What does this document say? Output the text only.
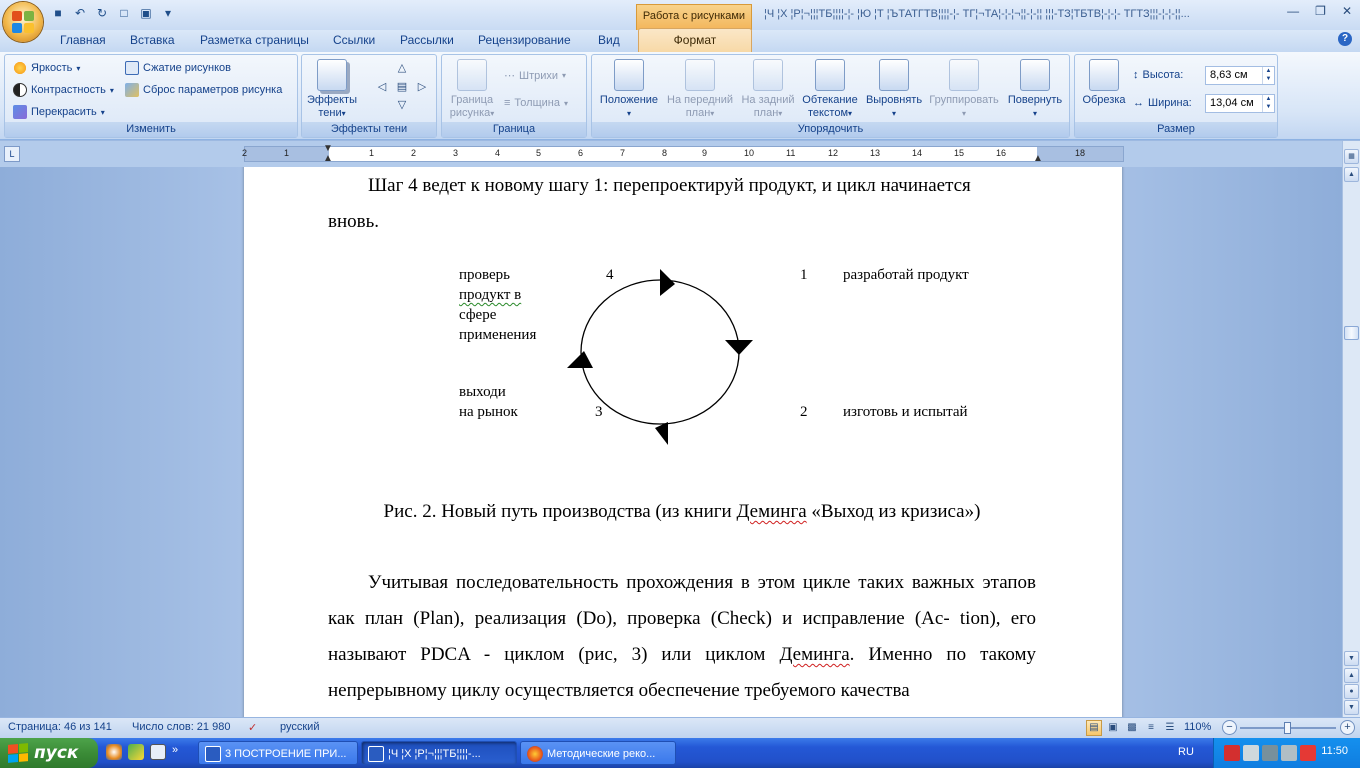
■	↶ ↻	□	▣	▾	Работа с рисунками	¦Ч ¦Х ¦Р¦¬¦¦¦ТБ¦¦¦¦-¦- ¦Ю ¦Т ¦ЪТАТГТВ¦¦¦¦-¦- ТГ¦¬ТА¦-¦-¦¬¦¦-¦-¦¦ ¦¦¦-ТЗ¦ТБТВ¦-¦-¦- ТГТЗ¦¦¦-¦-¦-¦¦...	— ❐ ✕
Главная Вставка Разметка страницы Ссылки Рассылки Рецензирование Вид	Формат	?
Яркость ▾
Контрастность ▾
Перекрасить ▾
Сжатие рисунков
Сброс параметров рисунка
Изменить
Эффекты
тени▾
△
◁ ▤ ▷
▽
Эффекты тени
Граница
рисунка▾
⋯ Штрихи ▾
≡ Толщина ▾
Граница
Положение
▾
На передний
план▾
На задний
план▾
Обтекание
текстом▾
Выровнять
▾
Группировать
▾
Повернуть
▾
Упорядочить
Обрезка
↕ Высота:	8,63 см	▲
▼
↔ Ширина:	13,04 см	▲
▼
Размер
L	2	1	1	2	3	4	5	6	7	8	9	10	11	12	13	14	15	16	18
▼
▲	▲
Шаг 4 ведет к новому шагу 1: перепроектируй продукт, и цикл начинается
вновь.
проверь
продукт в
сфере
применения
4	1 разработай продукт
выходи
на рынок	3	2 изготовь и испытай
Рис. 2. Новый путь производства (из книги Деминга «Выход из кризиса»)
Учитывая последовательность прохождения в этом цикле таких важных этапов как план (Plan), реализация (Do), проверка (Check) и исправление (Ac- tion), его называют PDCA - циклом (рис, 3) или циклом Деминга. Именно по такому непрерывному циклу осуществляется обеспечение требуемого качества
▦
▲
▼
▲
●
▼
Страница: 46 из 141 Число слов: 21 980 ✓ русский	▤ ▣ ▩	≡	☰ 110%	−	+
пуск	»	3 ПОСТРОЕНИЕ ПРИ...	¦Ч ¦Х ¦Р¦¬¦¦¦ТБ¦¦¦¦-...	Методические реко...	RU	11:50
